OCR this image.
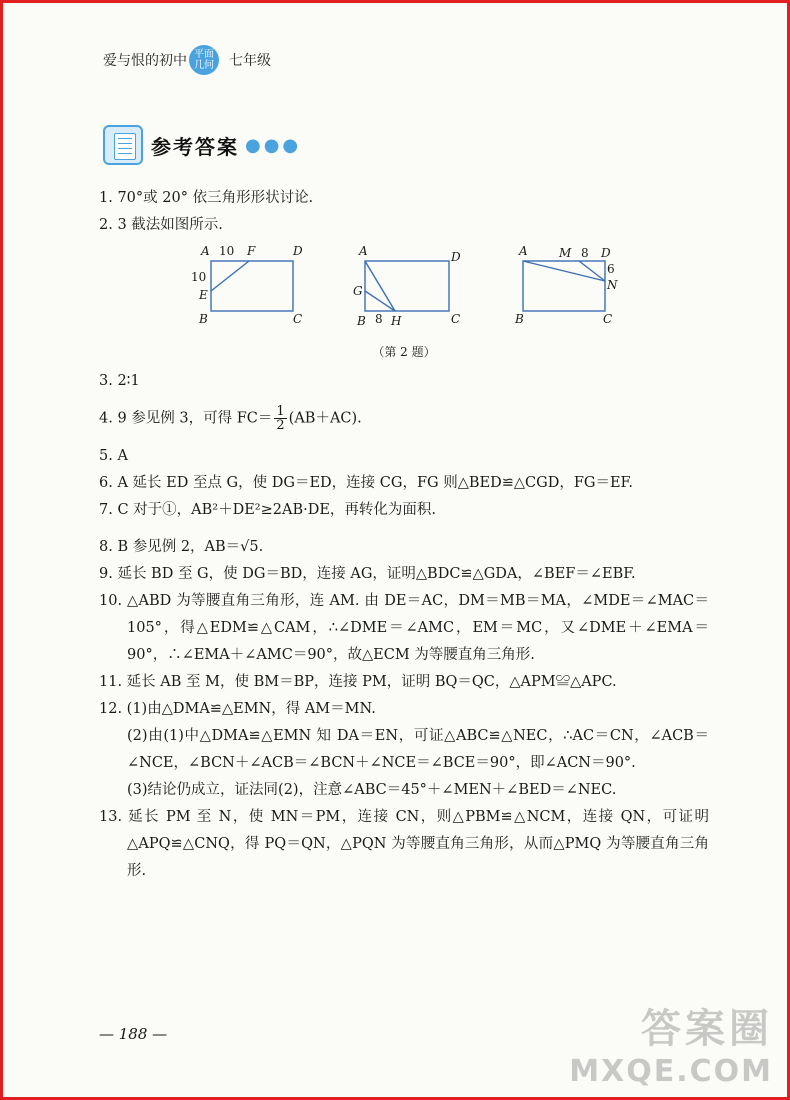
爱与恨的初中 平面
几何 七年级
参考答案 ●●●
1. 70°或 20° 依三角形形状讨论.
2. 3 截法如图所示.
A 10 F	D
10
E
B	C
A	D
G
B 8 H	C
A	M 8 D
6
N
B	C
（第 2 题）
3. 2∶1
4. 9 参见例 3，可得 $FC= \frac{1}{2} (AB+AC)$.
5. A
6. A 延长 ED 至点 G，使 DG＝ED，连接 CG，FG 则△BED≌△CGD，FG＝EF.
7. C 对于①，AB²＋DE²≥2AB·DE，再转化为面积.
8. B 参见例 2，AB＝√5.
9. 延长 BD 至 G，使 DG＝BD，连接 AG，证明△BDC≌△GDA，∠BEF＝∠EBF.
10. △ABD 为等腰直角三角形，连 AM. 由 DE＝AC，DM＝MB＝MA，∠MDE＝∠MAC＝105°，得△EDM≌△CAM，∴∠DME＝∠AMC，EM＝MC，又∠DME＋∠EMA＝90°，∴∠EMA＋∠AMC＝90°，故△ECM 为等腰直角三角形.
11. 延长 AB 至 M，使 BM＝BP，连接 PM，证明 BQ＝QC，△APM≌△APC.
12. (1)由△DMA≌△EMN，得 AM＝MN.
(2)由(1)中△DMA≌△EMN 知 DA＝EN，可证△ABC≌△NEC，∴AC＝CN，∠ACB＝∠NCE，∠BCN＋∠ACB＝∠BCN＋∠NCE＝∠BCE＝90°，即∠ACN＝90°.
(3)结论仍成立，证法同(2)，注意∠ABC＝45°＋∠MEN＋∠BED＝∠NEC.
13. 延长 PM 至 N，使 MN＝PM，连接 CN，则△PBM≌△NCM，连接 QN，可证明△APQ≌△CNQ，得 PQ＝QN，△PQN 为等腰直角三角形，从而△PMQ 为等腰直角三角形.
— 188 —	答案圈
MXQE.COM
